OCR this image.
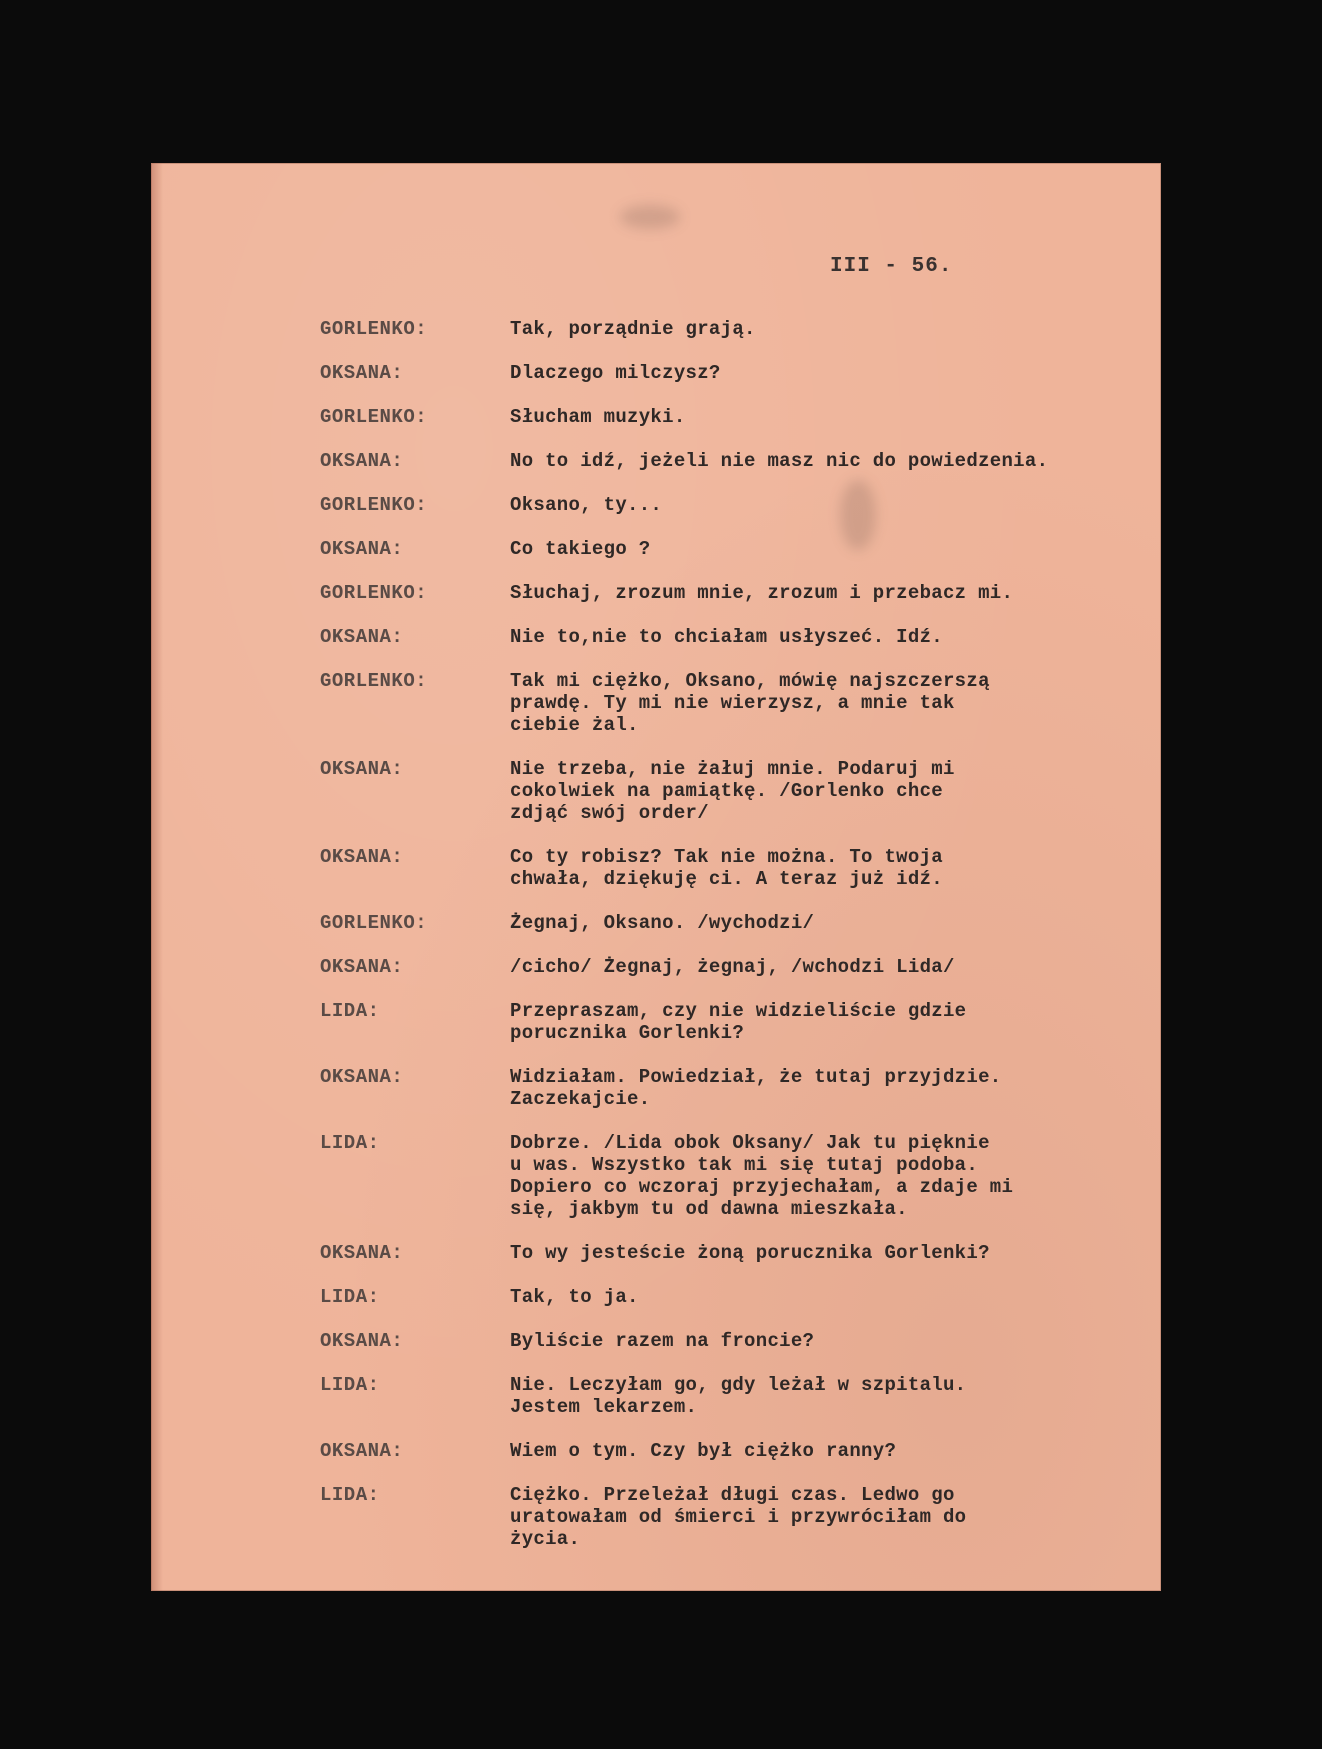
III - 56.
GORLENKO:	Tak, porządnie grają.
OKSANA:	Dlaczego milczysz?
GORLENKO:	Słucham muzyki.
OKSANA:	No to idź, jeżeli nie masz nic do powiedzenia.
GORLENKO:	Oksano, ty...
OKSANA:	Co takiego ?
GORLENKO:	Słuchaj, zrozum mnie, zrozum i przebacz mi.
OKSANA:	Nie to,nie to chciałam usłyszeć. Idź.
GORLENKO:	Tak mi ciężko, Oksano, mówię najszczerszą
prawdę. Ty mi nie wierzysz, a mnie tak
ciebie żal.
OKSANA:	Nie trzeba, nie żałuj mnie. Podaruj mi
cokolwiek na pamiątkę. /Gorlenko chce
zdjąć swój order/
OKSANA:	Co ty robisz? Tak nie można. To twoja
chwała, dziękuję ci. A teraz już idź.
GORLENKO:	Żegnaj, Oksano. /wychodzi/
OKSANA:	/cicho/ Żegnaj, żegnaj, /wchodzi Lida/
LIDA:	Przepraszam, czy nie widzieliście gdzie
porucznika Gorlenki?
OKSANA:	Widziałam. Powiedział, że tutaj przyjdzie.
Zaczekajcie.
LIDA:	Dobrze. /Lida obok Oksany/ Jak tu pięknie
u was. Wszystko tak mi się tutaj podoba.
Dopiero co wczoraj przyjechałam, a zdaje mi
się, jakbym tu od dawna mieszkała.
OKSANA:	To wy jesteście żoną porucznika Gorlenki?
LIDA:	Tak, to ja.
OKSANA:	Byliście razem na froncie?
LIDA:	Nie. Leczyłam go, gdy leżał w szpitalu.
Jestem lekarzem.
OKSANA:	Wiem o tym. Czy był ciężko ranny?
LIDA:	Ciężko. Przeleżał długi czas. Ledwo go
uratowałam od śmierci i przywróciłam do
życia.
